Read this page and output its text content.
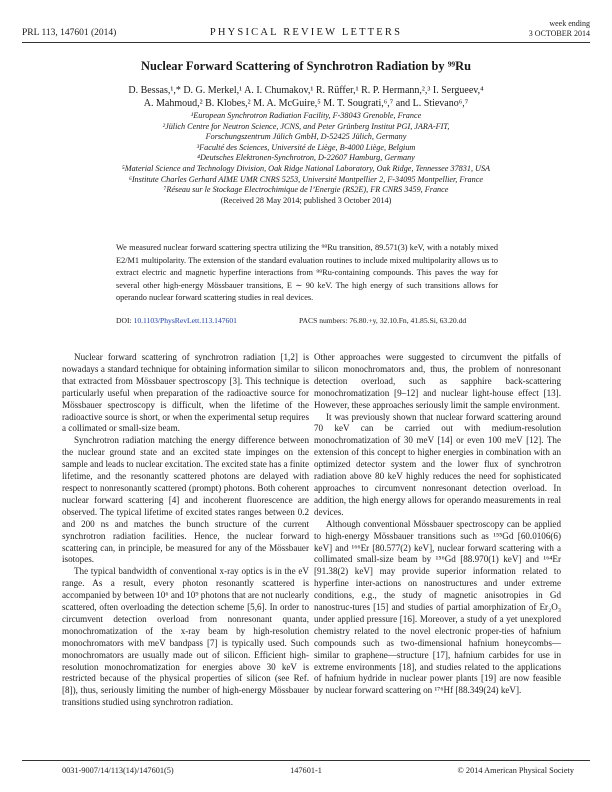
PRL 113, 147601 (2014)	PHYSICAL REVIEW LETTERS
week ending
3 OCTOBER 2014
Nuclear Forward Scattering of Synchrotron Radiation by ⁹⁹Ru
D. Bessas,¹,* D. G. Merkel,¹ A. I. Chumakov,¹ R. Rüffer,¹ R. P. Hermann,²,³ I. Sergueev,⁴
A. Mahmoud,² B. Klobes,² M. A. McGuire,⁵ M. T. Sougrati,⁶,⁷ and L. Stievano⁶,⁷
¹European Synchrotron Radiation Facility, F-38043 Grenoble, France
²Jülich Centre for Neutron Science, JCNS, and Peter Grünberg Institut PGI, JARA-FIT,
Forschungszentrum Jülich GmbH, D-52425 Jülich, Germany
³Faculté des Sciences, Université de Liège, B-4000 Liège, Belgium
⁴Deutsches Elektronen-Synchrotron, D-22607 Hamburg, Germany
⁵Material Science and Technology Division, Oak Ridge National Laboratory, Oak Ridge, Tennessee 37831, USA
⁶Institute Charles Gerhard AIME UMR CNRS 5253, Université Montpellier 2, F-34095 Montpellier, France
⁷Réseau sur le Stockage Electrochimique de l’Energie (RS2E), FR CNRS 3459, France
(Received 28 May 2014; published 3 October 2014)
We measured nuclear forward scattering spectra utilizing the ⁹⁹Ru transition, 89.571(3) keV, with a notably mixed E2/M1 multipolarity. The extension of the standard evaluation routines to include mixed multipolarity allows us to extract electric and magnetic hyperfine interactions from ⁹⁹Ru-containing compounds. This paves the way for several other high-energy Mössbauer transitions, E ∼ 90 keV. The high energy of such transitions allows for operando nuclear forward scattering studies in real devices.
DOI: 10.1103/PhysRevLett.113.147601	PACS numbers: 76.80.+y, 32.10.Fn, 41.85.Si, 63.20.dd

Nuclear forward scattering of synchrotron radiation [1,2] is nowadays a standard technique for obtaining information similar to that extracted from Mössbauer spectroscopy [3]. This technique is particularly useful when preparation of the radioactive source for Mössbauer spectroscopy is difficult, when the lifetime of the radioactive source is short, or when the experimental setup requires a collimated or small-size beam.

Synchrotron radiation matching the energy difference between the nuclear ground state and an excited state impinges on the sample and leads to nuclear excitation. The excited state has a finite lifetime, and the resonantly scattered photons are delayed with respect to nonresonantly scattered (prompt) photons. Both coherent nuclear forward scattering [4] and incoherent fluorescence are observed. The typical lifetime of excited states ranges between 0.2 and 200 ns and matches the bunch structure of the current synchrotron radiation facilities. Hence, the nuclear forward scattering can, in principle, be measured for any of the Mössbauer isotopes.

The typical bandwidth of conventional x-ray optics is in the eV range. As a result, every photon resonantly scattered is accompanied by between 10⁶ and 10⁹ photons that are not nuclearly scattered, often overloading the detection scheme [5,6]. In order to circumvent detection overload from nonresonant quanta, monochromatization of the x-ray beam by high-resolution monochromators with meV bandpass [7] is typically used. Such monochromators are usually made out of silicon. Efficient high-resolution monochromatization for energies above 30 keV is restricted because of the physical properties of silicon (see Ref. [8]), thus, seriously limiting the number of high-energy Mössbauer transitions studied using synchrotron radiation.

Other approaches were suggested to circumvent the pitfalls of silicon monochromators and, thus, the problem of nonresonant detection overload, such as sapphire back-scattering monochromatization [9–12] and nuclear light-house effect [13]. However, these approaches seriously limit the sample environment.

It was previously shown that nuclear forward scattering around 70 keV can be carried out with medium-resolution monochromatization of 30 meV [14] or even 100 meV [12]. The extension of this concept to higher energies in combination with an optimized detector system and the lower flux of synchrotron radiation above 80 keV highly reduces the need for sophisticated approaches to circumvent nonresonant detection overload. In addition, the high energy allows for operando measurements in real devices.

Although conventional Mössbauer spectroscopy can be applied to high-energy Mössbauer transitions such as ¹⁵⁵Gd [60.0106(6) keV] and ¹⁶⁶Er [80.577(2) keV], nuclear forward scattering with a collimated small-size beam by ¹⁵⁶Gd [88.970(1) keV] and ¹⁶⁴Er [91.38(2) keV] may provide superior information related to hyperfine inter-actions on nanostructures and under extreme conditions, e.g., the study of magnetic anisotropies in Gd nanostruc-tures [15] and studies of partial amorphization of Er₂O₃ under applied pressure [16]. Moreover, a study of a yet unexplored chemistry related to the novel electronic proper-ties of hafnium compounds such as two-dimensional hafnium honeycombs—similar to graphene—structure [17], hafnium carbides for use in extreme environments [18], and studies related to the applications of hafnium hydride in nuclear power plants [19] are now feasible by nuclear forward scattering on ¹⁷⁶Hf [88.349(24) keV].

0031-9007/14/113(14)/147601(5)	147601-1	© 2014 American Physical Society
